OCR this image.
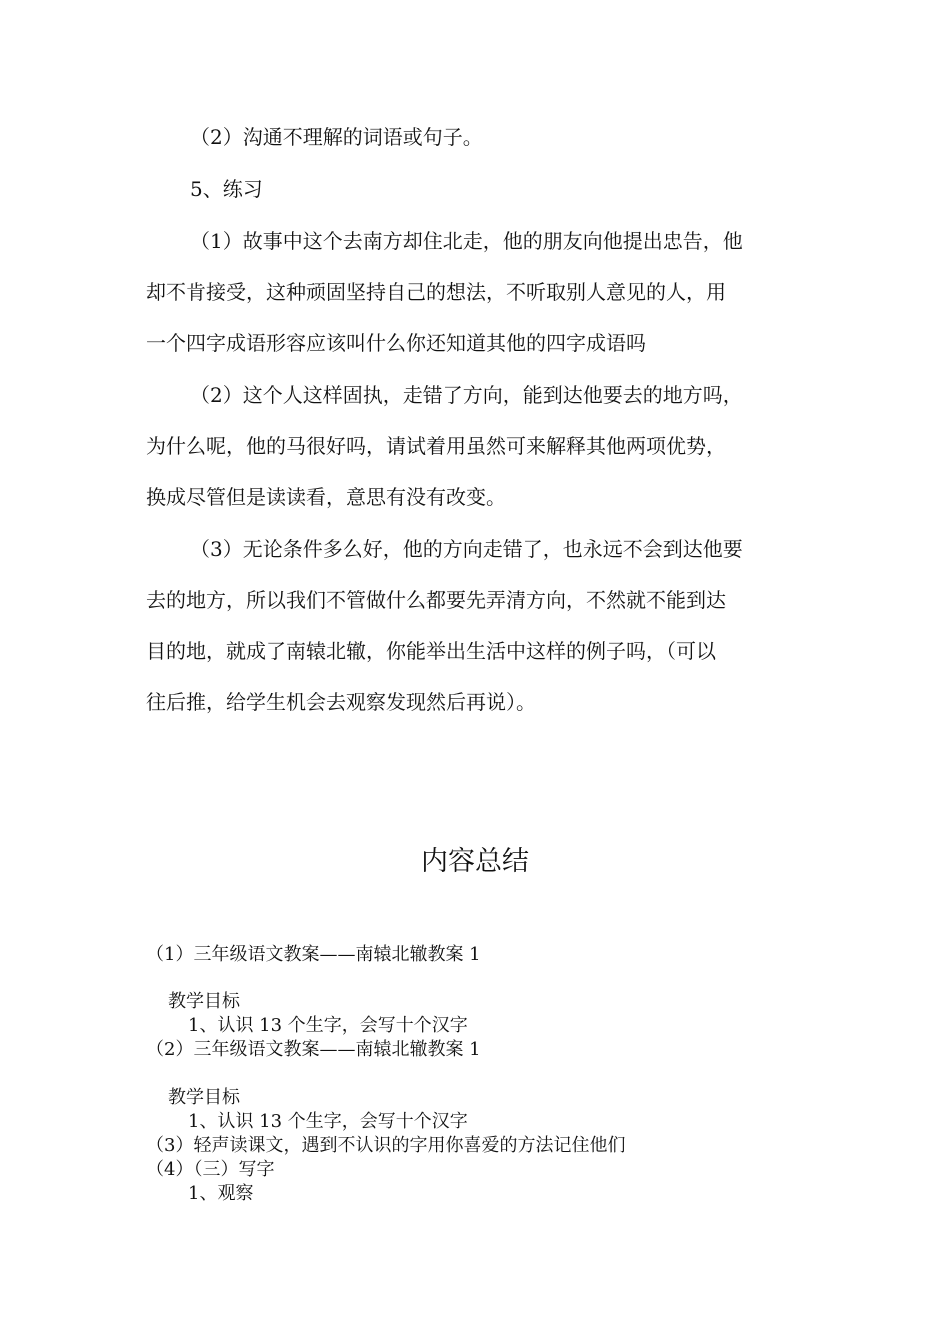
（2）沟通不理解的词语或句子。
5、练习
（1）故事中这个去南方却住北走，他的朋友向他提出忠告，他
却不肯接受，这种顽固坚持自己的想法，不听取别人意见的人，用
一个四字成语形容应该叫什么你还知道其他的四字成语吗
（2）这个人这样固执，走错了方向，能到达他要去的地方吗，
为什么呢，他的马很好吗，请试着用虽然可来解释其他两项优势，
换成尽管但是读读看，意思有没有改变。
（3）无论条件多么好，他的方向走错了，也永远不会到达他要
去的地方，所以我们不管做什么都要先弄清方向，不然就不能到达
目的地，就成了南辕北辙，你能举出生活中这样的例子吗，（可以
往后推，给学生机会去观察发现然后再说）。
内容总结
（1）三年级语文教案——南辕北辙教案 1
教学目标
1、认识 13 个生字，会写十个汉字
（2）三年级语文教案——南辕北辙教案 1
教学目标
1、认识 13 个生字，会写十个汉字
（3）轻声读课文，遇到不认识的字用你喜爱的方法记住他们
（4）（三）写字
1、观察
